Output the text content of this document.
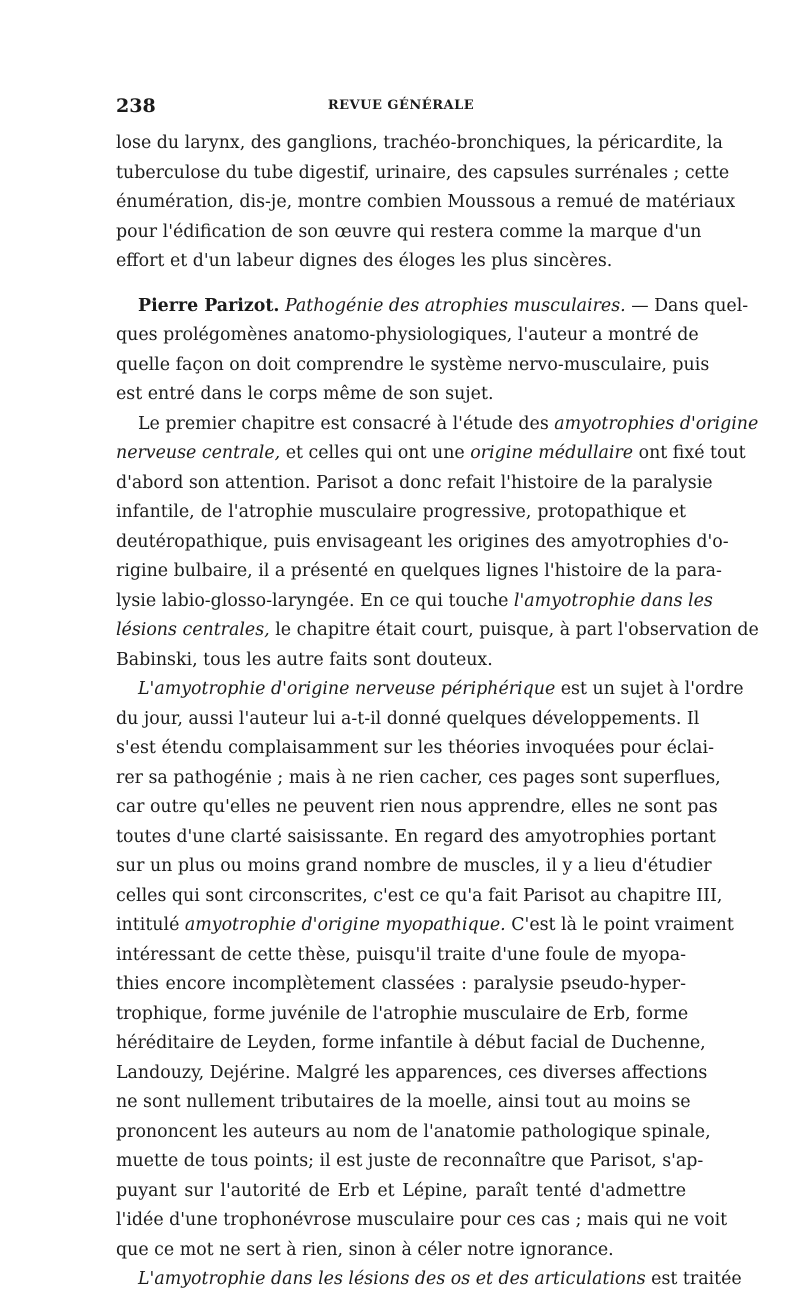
238	REVUE GÉNÉRALE
lose du larynx, des ganglions, trachéo-bronchiques, la péricardite, la
tuberculose du tube digestif, urinaire, des capsules surrénales ; cette
énumération, dis-je, montre combien Moussous a remué de matériaux
pour l'édification de son œuvre qui restera comme la marque d'un
effort et d'un labeur dignes des éloges les plus sincères.
Pierre Parizot. Pathogénie des atrophies musculaires. — Dans quel-
ques prolégomènes anatomo-physiologiques, l'auteur a montré de
quelle façon on doit comprendre le système nervo-musculaire, puis
est entré dans le corps même de son sujet.
Le premier chapitre est consacré à l'étude des amyotrophies d'origine
nerveuse centrale, et celles qui ont une origine médullaire ont fixé tout
d'abord son attention. Parisot a donc refait l'histoire de la paralysie
infantile, de l'atrophie musculaire progressive, protopathique et
deutéropathique, puis envisageant les origines des amyotrophies d'o-
rigine bulbaire, il a présenté en quelques lignes l'histoire de la para-
lysie labio-glosso-laryngée. En ce qui touche l'amyotrophie dans les
lésions centrales, le chapitre était court, puisque, à part l'observation de
Babinski, tous les autre faits sont douteux.
L'amyotrophie d'origine nerveuse périphérique est un sujet à l'ordre
du jour, aussi l'auteur lui a-t-il donné quelques développements. Il
s'est étendu complaisamment sur les théories invoquées pour éclai-
rer sa pathogénie ; mais à ne rien cacher, ces pages sont superflues,
car outre qu'elles ne peuvent rien nous apprendre, elles ne sont pas
toutes d'une clarté saisissante. En regard des amyotrophies portant
sur un plus ou moins grand nombre de muscles, il y a lieu d'étudier
celles qui sont circonscrites, c'est ce qu'a fait Parisot au chapitre III,
intitulé amyotrophie d'origine myopathique. C'est là le point vraiment
intéressant de cette thèse, puisqu'il traite d'une foule de myopa-
thies encore incomplètement classées : paralysie pseudo-hyper-
trophique, forme juvénile de l'atrophie musculaire de Erb, forme
héréditaire de Leyden, forme infantile à début facial de Duchenne,
Landouzy, Dejérine. Malgré les apparences, ces diverses affections
ne sont nullement tributaires de la moelle, ainsi tout au moins se
prononcent les auteurs au nom de l'anatomie pathologique spinale,
muette de tous points; il est juste de reconnaître que Parisot, s'ap-
puyant sur l'autorité de Erb et Lépine, paraît tenté d'admettre
l'idée d'une trophonévrose musculaire pour ces cas ; mais qui ne voit
que ce mot ne sert à rien, sinon à céler notre ignorance.
L'amyotrophie dans les lésions des os et des articulations est traitée
